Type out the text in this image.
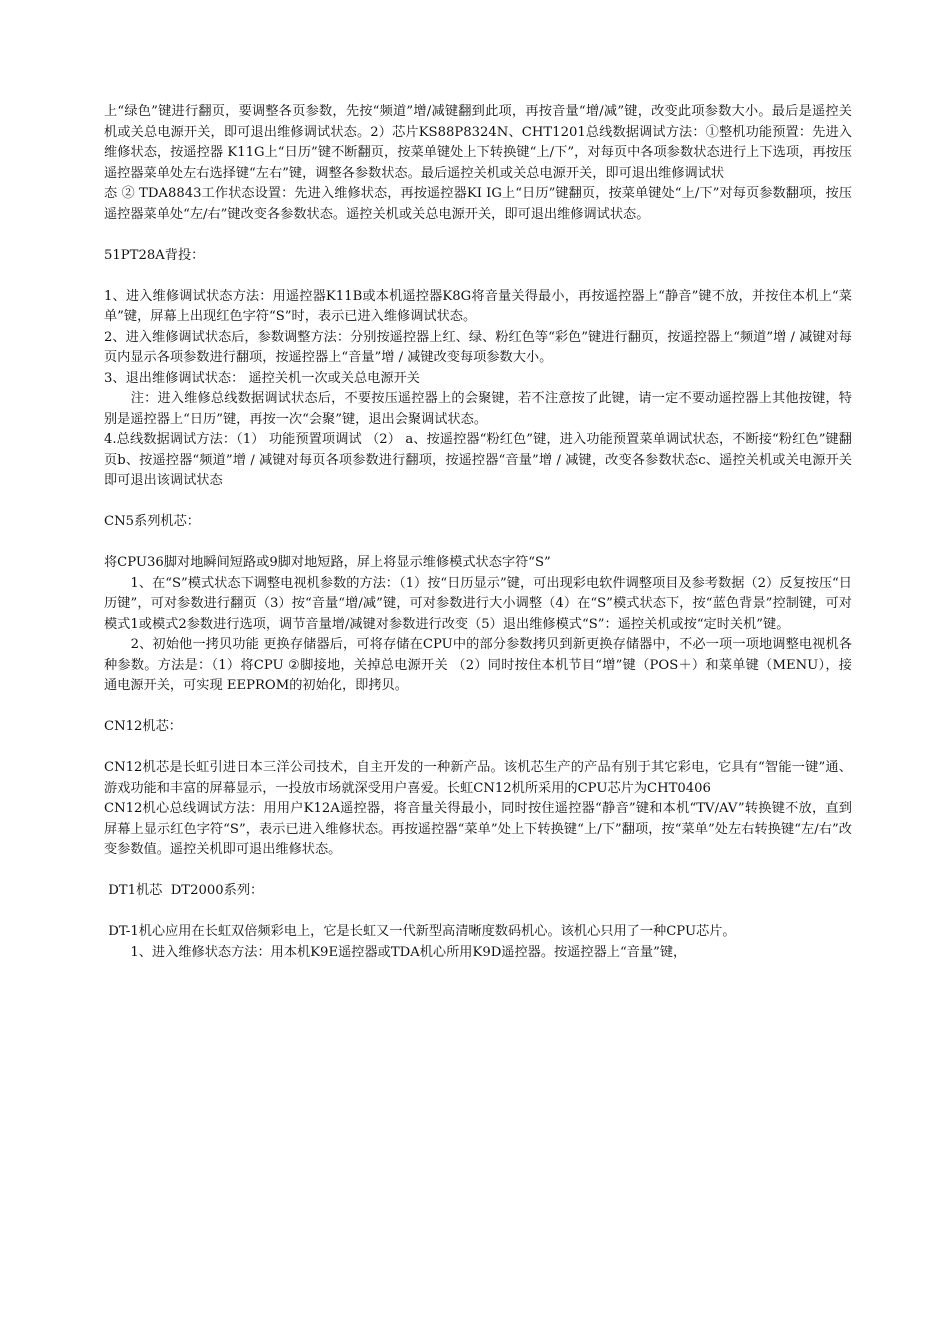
上“绿色”键进行翻页，要调整各页参数，先按“频道”增/减键翻到此项，再按音量“增/减”键，改变此项参数大小。最后是遥控关机或关总电源开关，即可退出维修调试状态。2）芯片KS88P8324N、CHT1201总线数据调试方法：①整机功能预置：先进入维修状态，按遥控器 K11G上“日历”键不断翻页，按菜单键处上下转换键“上/下”，对每页中各项参数状态进行上下选项，再按压遥控器菜单处左右选择键“左右”键，调整各参数状态。最后遥控关机或关总电源开关，即可退出维修调试状

态 ② TDA8843工作状态设置：先进入维修状态，再按遥控器KI IG上“日历”键翻页，按菜单键处“上/下”对每页参数翻项，按压遥控器菜单处“左/右”键改变各参数状态。遥控关机或关总电源开关，即可退出维修调试状态。

51PT28A背投：

1、进入维修调试状态方法：用遥控器K11B或本机遥控器K8G将音量关得最小，再按遥控器上“静音”键不放，并按住本机上“菜单”键，屏幕上出现红色字符“S”时，表示已进入维修调试状态。

2、进入维修调试状态后，参数调整方法：分别按遥控器上红、绿、粉红色等“彩色”键进行翻页，按遥控器上“频道”增 / 减键对每页内显示各项参数进行翻项，按遥控器上“音量”增 / 减键改变每项参数大小。

3、退出维修调试状态： 遥控关机一次或关总电源开关

　　注：进入维修总线数据调试状态后，不要按压遥控器上的会聚键，若不注意按了此键，请一定不要动遥控器上其他按键，特别是遥控器上“日历”键，再按一次“会聚”键，退出会聚调试状态。

4.总线数据调试方法：（1） 功能预置项调试 （2） a、按遥控器“粉红色”键，进入功能预置菜单调试状态，不断接“粉红色”键翻页b、按遥控器“频道”增 / 减键对每页各项参数进行翻项，按遥控器“音量”增 / 减键，改变各参数状态c、遥控关机或关电源开关即可退出该调试状态

CN5系列机芯：

将CPU36脚对地瞬间短路或9脚对地短路，屏上将显示维修模式状态字符“S”

　　1、在“S”模式状态下调整电视机参数的方法：（1）按“日历显示”键，可出现彩电软件调整项目及参考数据（2）反复按压“日历键”，可对参数进行翻页（3）按“音量“增/减”键，可对参数进行大小调整（4）在“S”模式状态下，按“蓝色背景”控制键，可对模式1或模式2参数进行选项，调节音量增/减键对参数进行改变（5）退出维修模式“S”：遥控关机或按“定时关机”键。

　　2、初始他一拷贝功能 更换存储器后，可将存储在CPU中的部分参数拷贝到新更换存储器中，不必一项一项地调整电视机各种参数。方法是：（1）将CPU ②脚接地，关掉总电源开关 （2）同时按住本机节目“增”键（POS＋）和菜单键（MENU），接通电源开关，可实现 EEPROM的初始化，即拷贝。

CN12机芯：

CN12机芯是长虹引进日本三洋公司技术，自主开发的一种新产品。该机芯生产的产品有别于其它彩电，它具有“智能一键”通、游戏功能和丰富的屏幕显示，一投放市场就深受用户喜爱。长虹CN12机所采用的CPU芯片为CHT0406

CN12机心总线调试方法：用用户K12A遥控器，将音量关得最小，同时按住遥控器“静音”键和本机“TV/AV”转换键不放，直到屏幕上显示红色字符“S”，表示已进入维修状态。再按遥控器“菜单”处上下转换键“上/下”翻项，按“菜单”处左右转换键“左/右”改变参数值。遥控关机即可退出维修状态。

DT1机芯  DT2000系列：

DT-1机心应用在长虹双倍频彩电上，它是长虹又一代新型高清晰度数码机心。该机心只用了一种CPU芯片。

　　1、进入维修状态方法：用本机K9E遥控器或TDA机心所用K9D遥控器。按遥控器上“音量”键，
